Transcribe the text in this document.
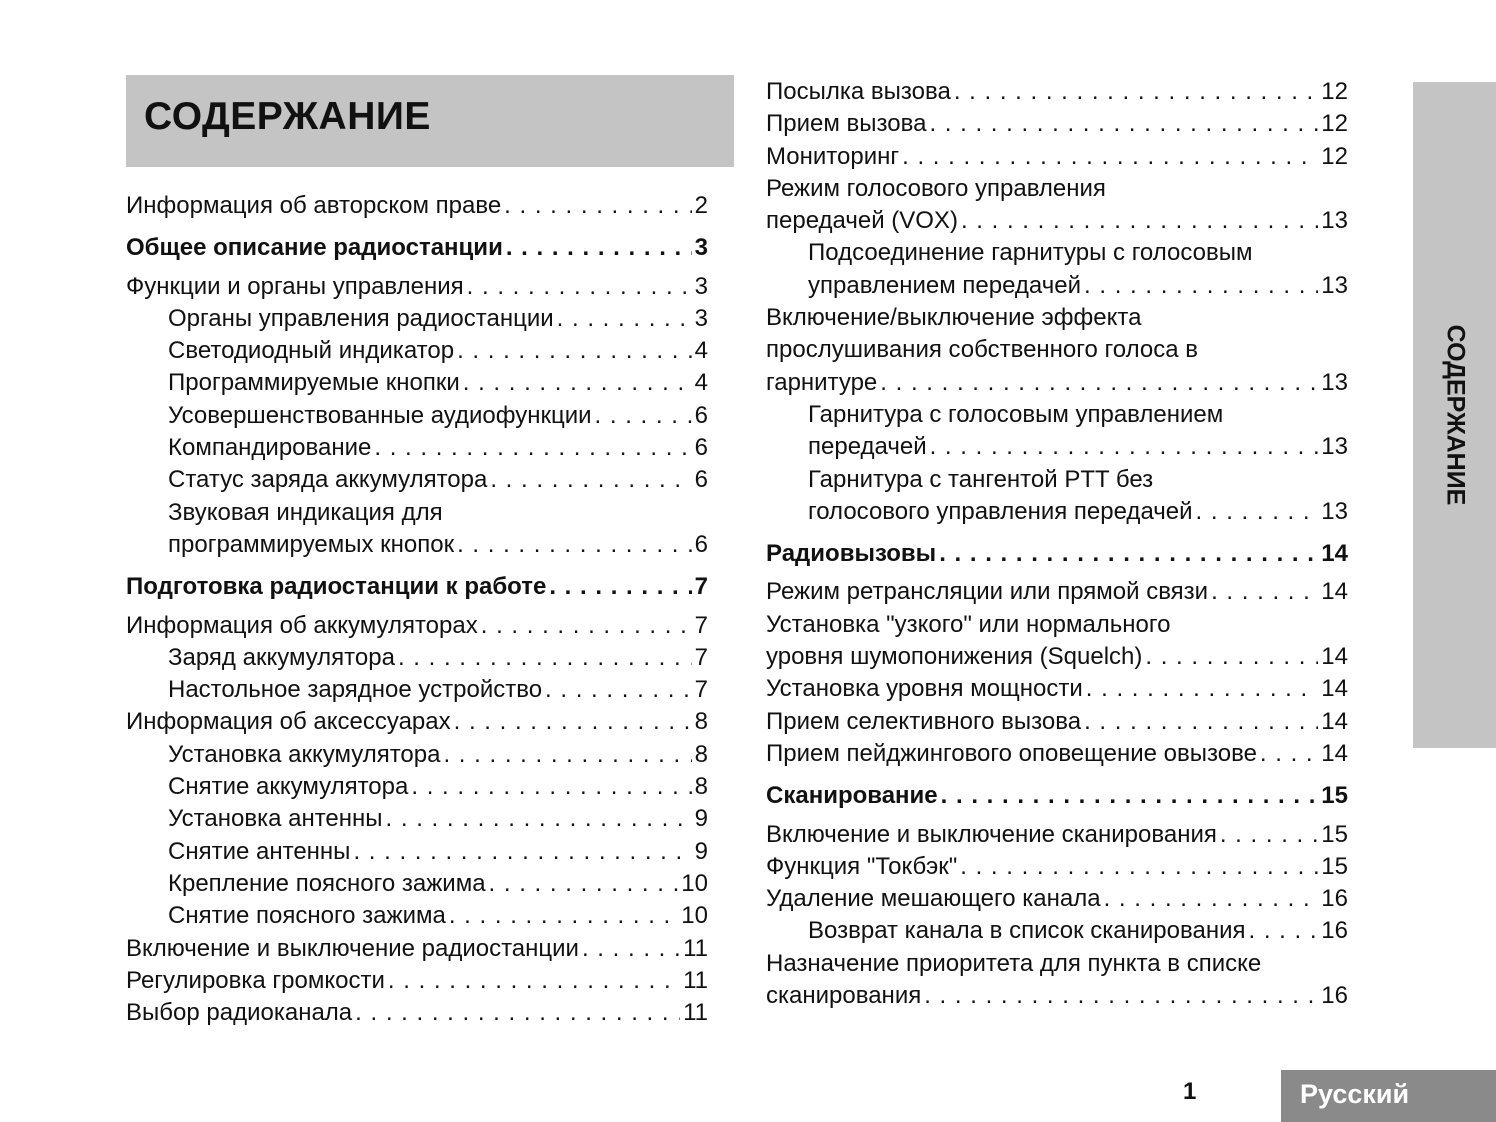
СОДЕРЖАНИЕ
Информация об авторском праве . . .	2
Общее описание радиостанции . . .	3
Функции и органы управления . . .	3
Органы управления радиостанции . . .	3
Светодиодный индикатор . . .	4
Программируемые кнопки . . .	4
Усовершенствованные аудиофункции . . .	6
Компандирование . . .	6
Статус заряда аккумулятора . . .	6
Звуковая индикация для
программируемых кнопок . . .	6
Подготовка радиостанции к работе . . .	7
Информация об аккумуляторах . . .	7
Заряд аккумулятора . . .	7
Настольное зарядное устройство . . .	7
Информация об аксессуарах . . .	8
Установка аккумулятора . . .	8
Снятие аккумулятора . . .	8
Установка антенны . . .	9
Снятие антенны . . .	9
Крепление поясного зажима . . .	10
Снятие поясного зажима . . .	10
Включение и выключение радиостанции . . .	11
Регулировка громкости . . .	11
Выбор радиоканала . . .	11
Посылка вызова . . .	12
Прием вызова . . .	12
Мониторинг . . .	12
Режим голосового управления
передачей (VOX) . . .	13
Подсоединение гарнитуры с голосовым
управлением передачей . . .	13
Включение/выключение эффекта
прослушивания собственного голоса в
гарнитуре . . .	13
Гарнитура с голосовым управлением
передачей . . .	13
Гарнитура с тангентой PTT без
голосового управления передачей . . .	13
Радиовызовы . . .	14
Режим ретрансляции или прямой связи . . .	14
Установка "узкого" или нормального
уровня шумопонижения (Squelch) . . .	14
Установка уровня мощности . . .	14
Прием селективного вызова . . .	14
Прием пейджингового оповещение овызове . . .	14
Сканирование . . .	15
Включение и выключение сканирования . . .	15
Функция "Токбэк" . . .	15
Удаление мешающего канала . . .	16
Возврат канала в список сканирования . . .	16
Назначение приоритета для пункта в списке
сканирования . . .	16
СОДЕРЖАНИЕ
1	Русский
